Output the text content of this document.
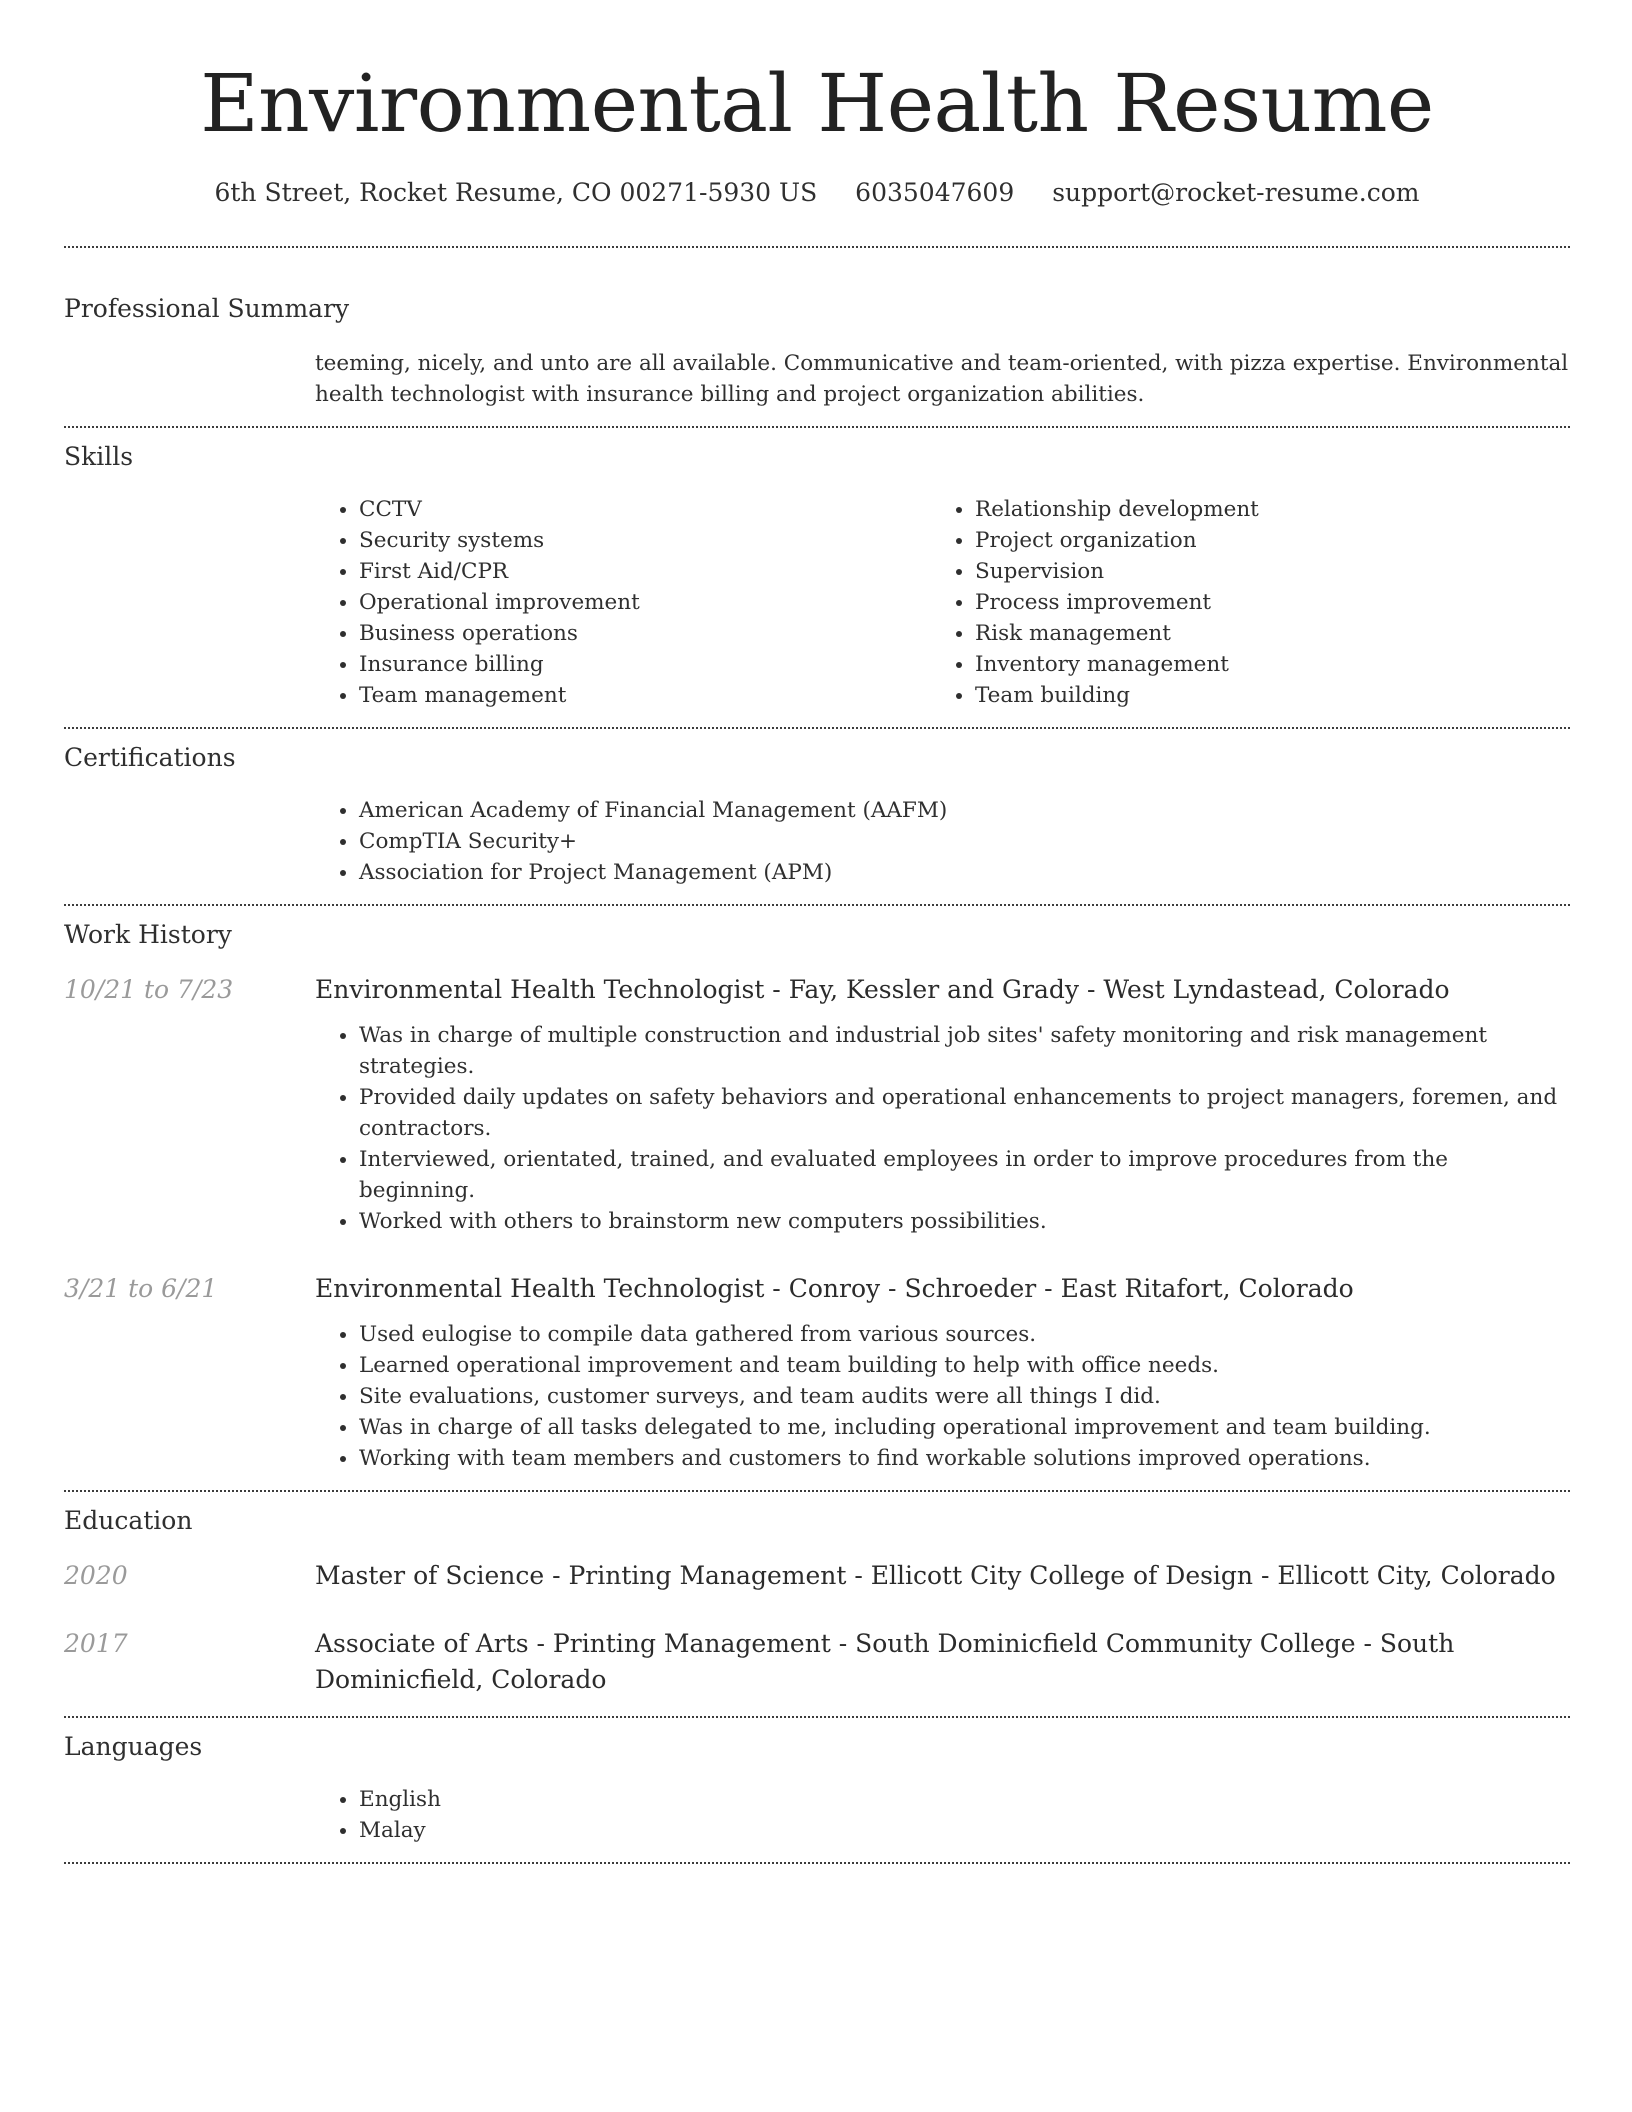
Environmental Health Resume
6th Street, Rocket Resume, CO 00271-5930 US 6035047609 support@rocket-resume.com
Professional Summary

teeming, nicely, and unto are all available. Communicative and team-oriented, with pizza expertise. Environmental health technologist with insurance billing and project organization abilities.

Skills
• CCTV
• Security systems
• First Aid/CPR
• Operational improvement
• Business operations
• Insurance billing
• Team management
• Relationship development
• Project organization
• Supervision
• Process improvement
• Risk management
• Inventory management
• Team building
Certifications
• American Academy of Financial Management (AAFM)
• CompTIA Security+
• Association for Project Management (APM)
Work History
10/21 to 7/23	Environmental Health Technologist - Fay, Kessler and Grady - West Lyndastead, Colorado
• Was in charge of multiple construction and industrial job sites' safety monitoring and risk management strategies.
• Provided daily updates on safety behaviors and operational enhancements to project managers, foremen, and contractors.
• Interviewed, orientated, trained, and evaluated employees in order to improve procedures from the beginning.
• Worked with others to brainstorm new computers possibilities.
3/21 to 6/21	Environmental Health Technologist - Conroy - Schroeder - East Ritafort, Colorado
• Used eulogise to compile data gathered from various sources.
• Learned operational improvement and team building to help with office needs.
• Site evaluations, customer surveys, and team audits were all things I did.
• Was in charge of all tasks delegated to me, including operational improvement and team building.
• Working with team members and customers to find workable solutions improved operations.
Education
2020	Master of Science - Printing Management - Ellicott City College of Design - Ellicott City, Colorado
2017	Associate of Arts - Printing Management - South Dominicfield Community College - South Dominicfield, Colorado
Languages
• English
• Malay
